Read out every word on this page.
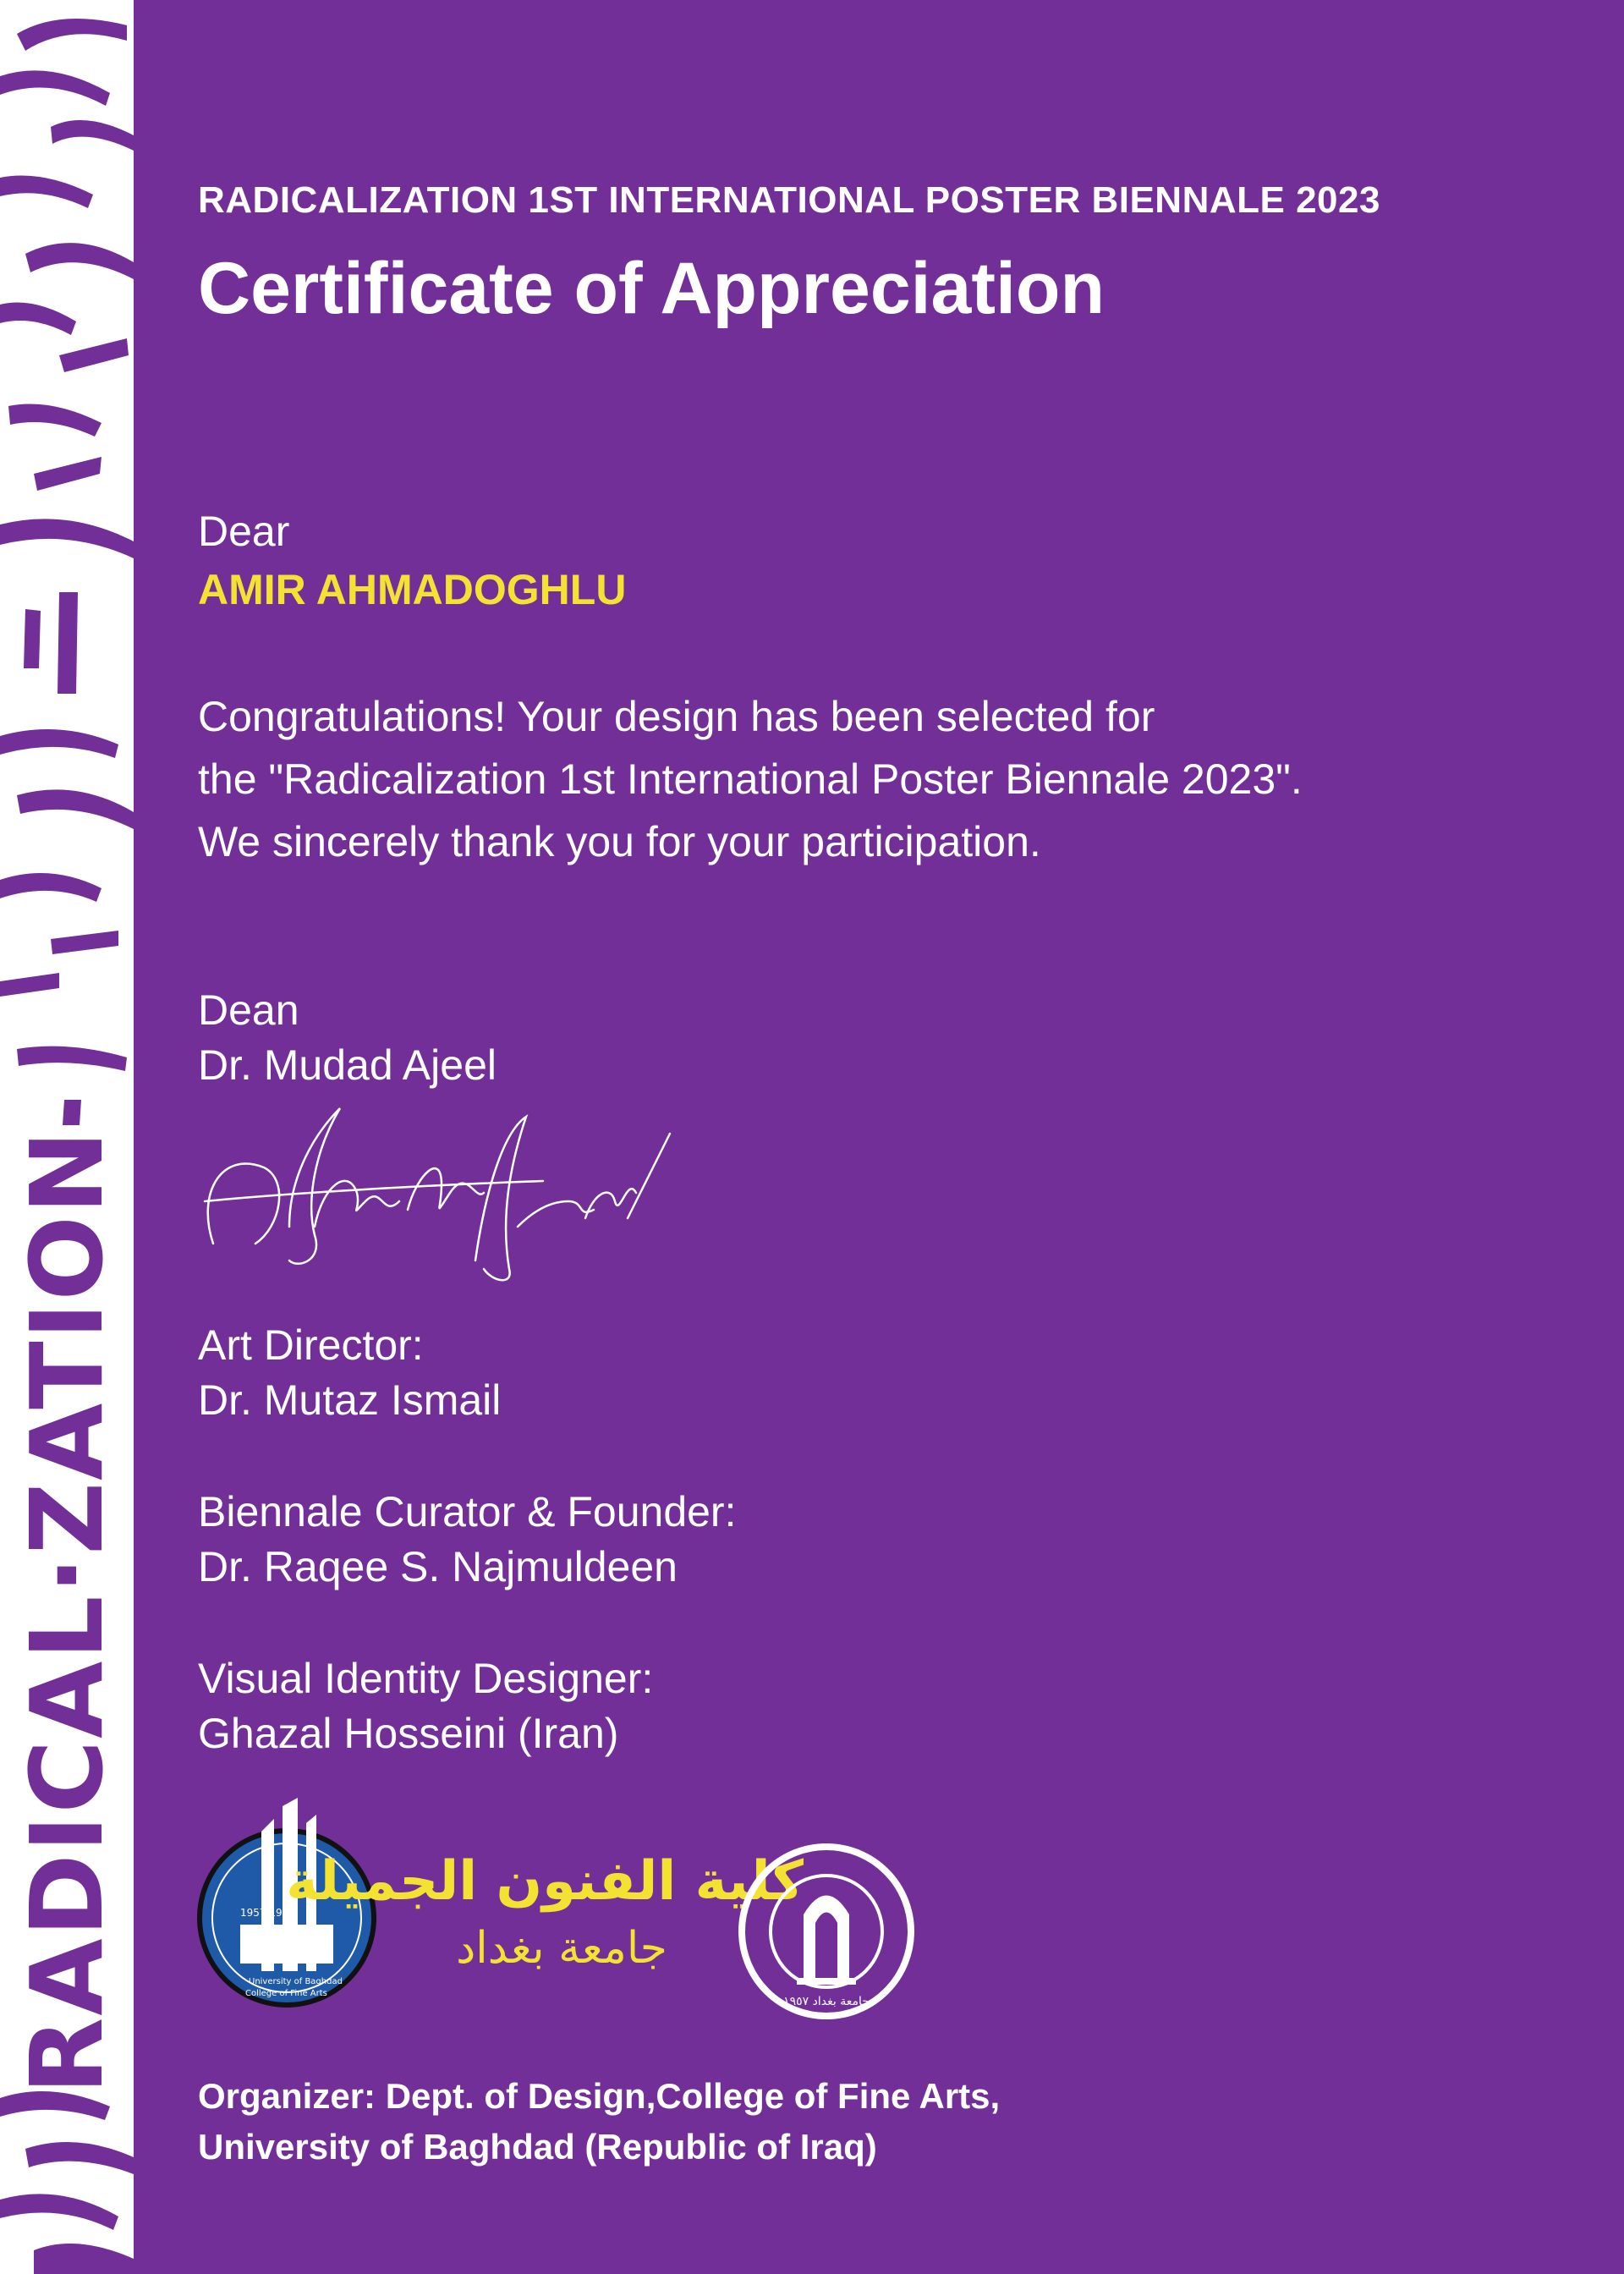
RADICAL·ZATION
RADICALIZATION 1ST INTERNATIONAL POSTER BIENNALE 2023
Certificate of Appreciation
Dear
AMIR AHMADOGHLU
Congratulations! Your design has been selected for
the "Radicalization 1st International Poster Biennale 2023".
We sincerely thank you for your participation.
Dean
Dr. Mudad Ajeel
Art Director:
Dr. Mutaz Ismail
Biennale Curator & Founder:
Dr. Raqee S. Najmuldeen
Visual Identity Designer:
Ghazal Hosseini (Iran)
1957 1967
University of Baghdad
College of Fine Arts
كلية الفنون الجميلة
جامعة بغداد
جامعة بغداد ١٩٥٧
Organizer: Dept. of Design,College of Fine Arts,
University of Baghdad (Republic of Iraq)
